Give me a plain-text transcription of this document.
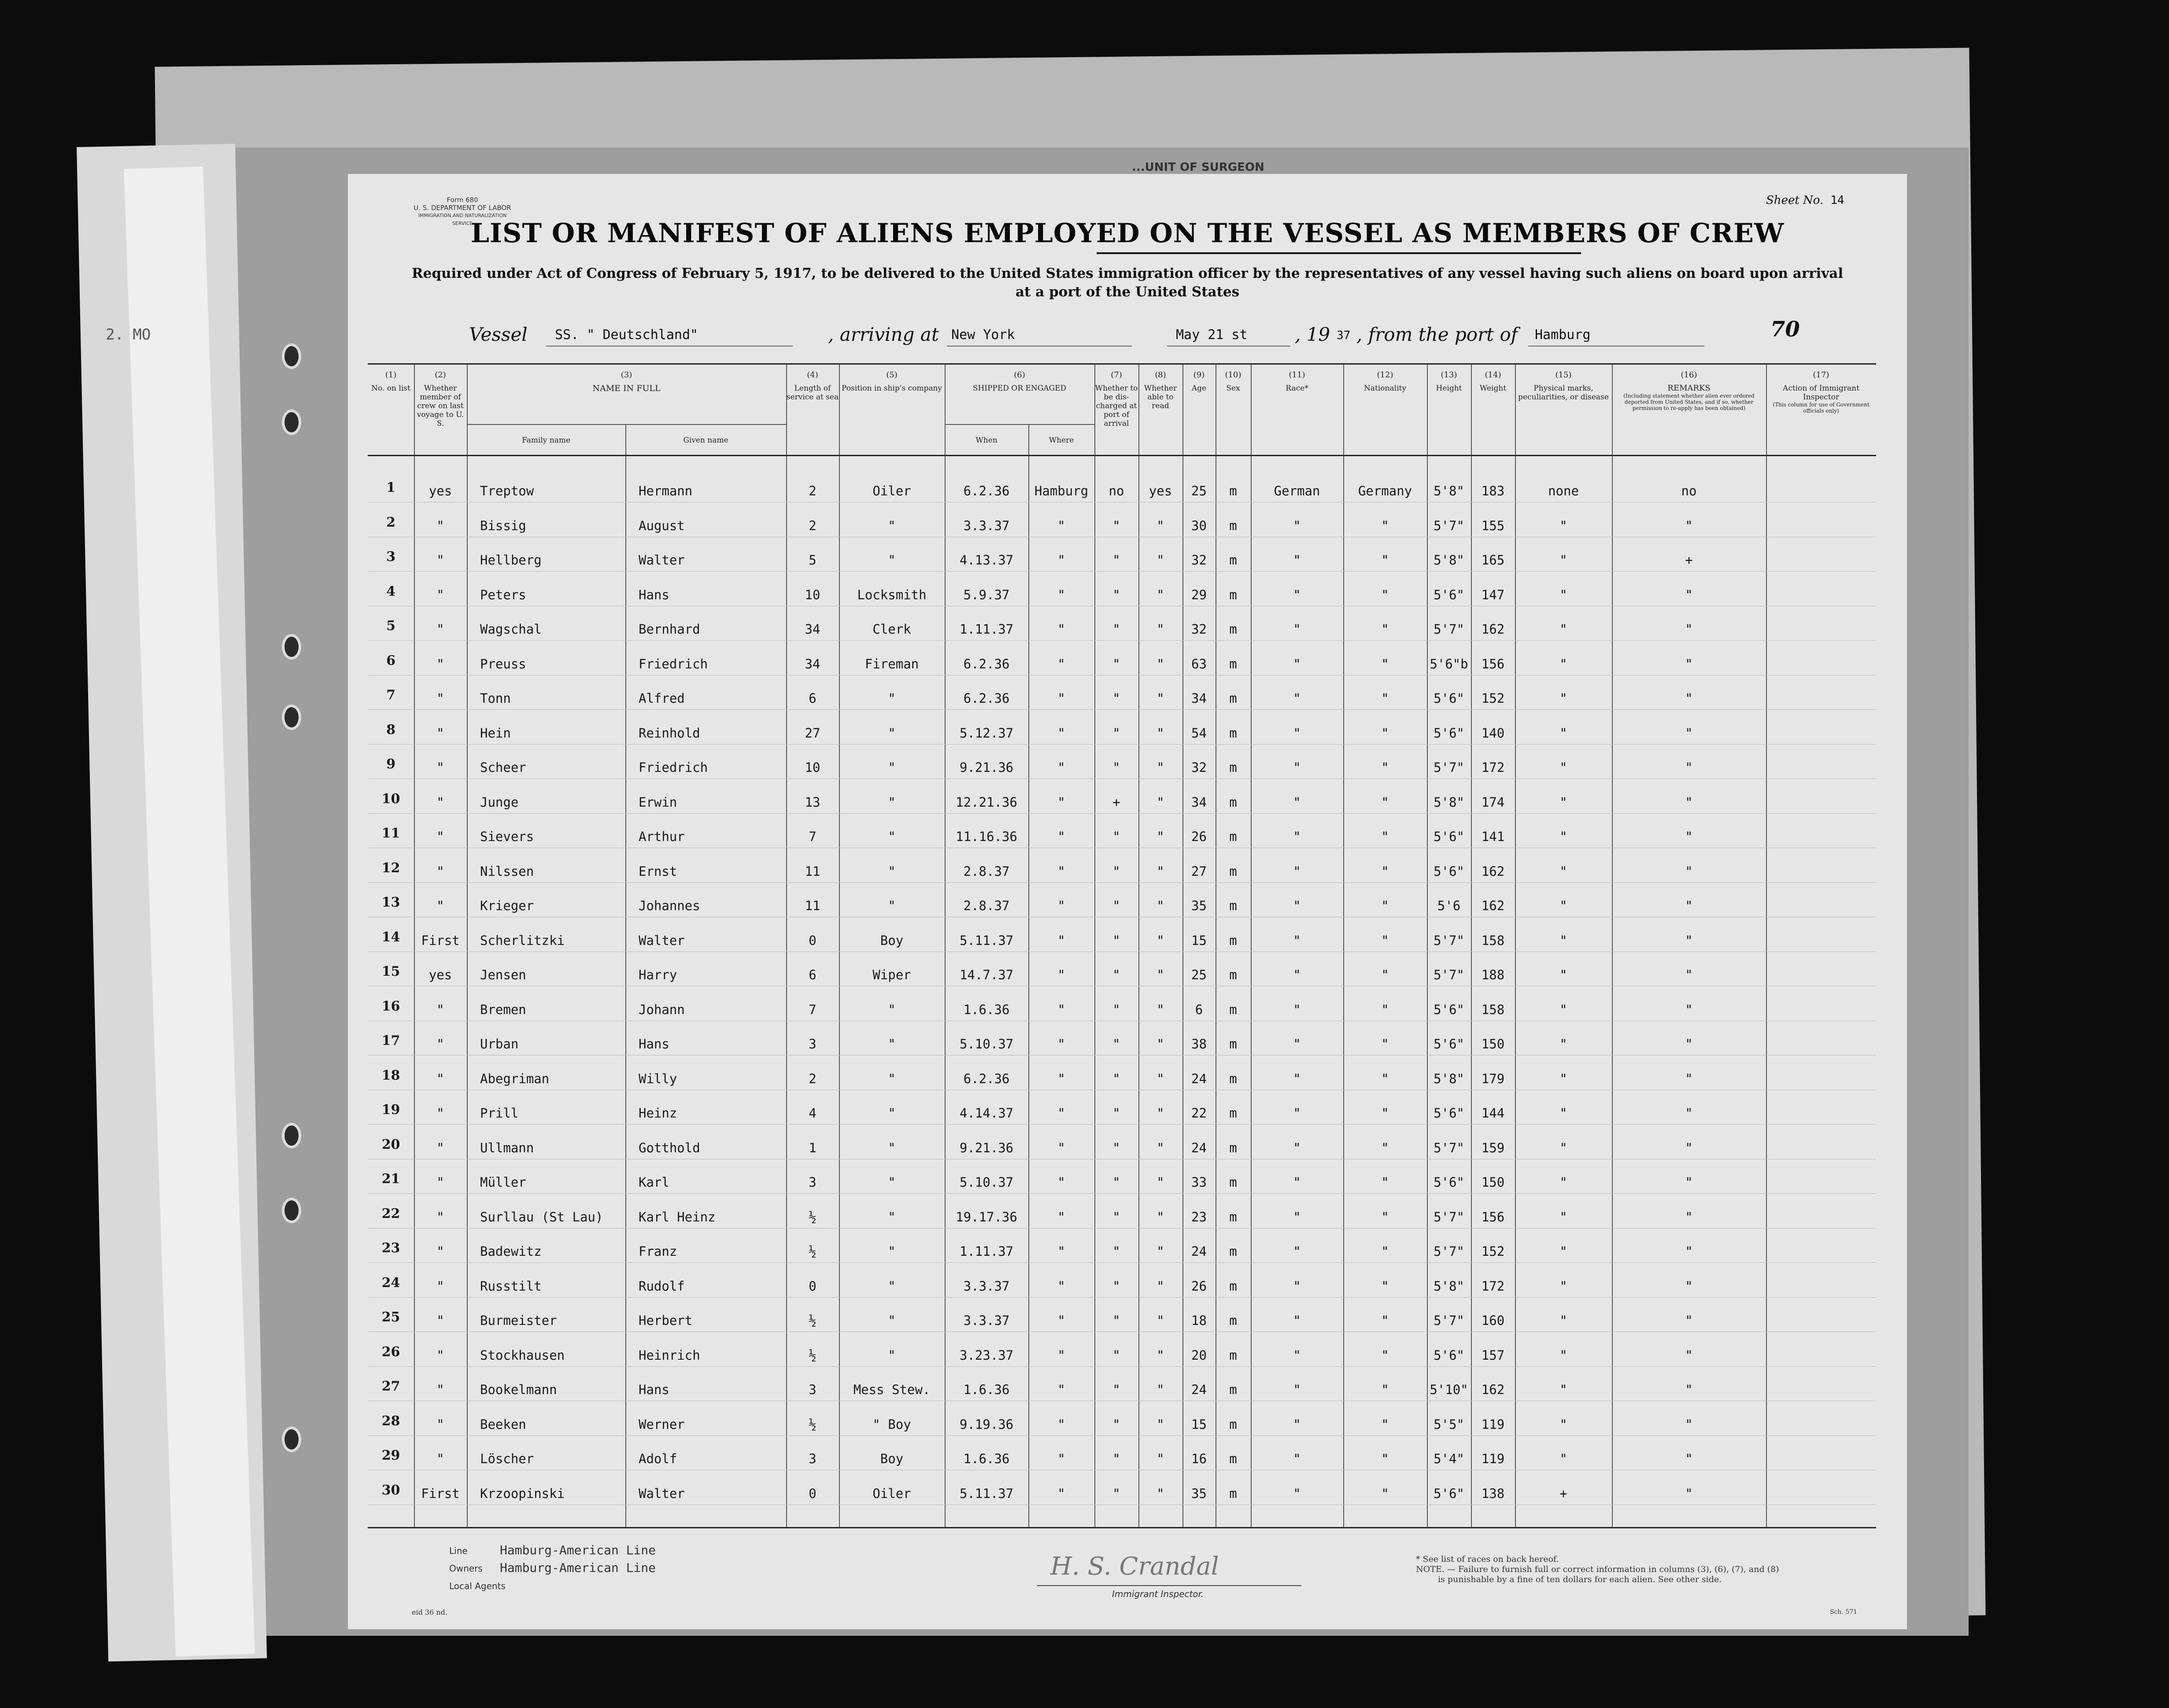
2. MO
...UNIT OF SURGEON
Form 680
U. S. DEPARTMENT OF LABOR
IMMIGRATION AND NATURALIZATION SERVICE
Sheet No. 14
LIST OR MANIFEST OF ALIENS EMPLOYED ON THE VESSEL AS MEMBERS OF CREW
Required under Act of Congress of February 5, 1917, to be delivered to the United States immigration officer by the representatives of any vessel having such aliens on board upon arrival
at a port of the United States
Vessel SS. " Deutschland"	, arriving at New York	May 21 st	, 19 37 , from the port of Hamburg	70
(1)
No. on list
(2)
Whether member of crew on last voyage to U. S.
(3)
NAME IN FULL
Family name	Given name
(4)
Length of service at sea
(5)
Position in ship's company
(6)
SHIPPED OR ENGAGED
When	Where
(7)
Whether to be dis- charged at port of arrival
(8)
Whether able to read
(9)
Age
(10)
Sex
(11)
Race*
(12)
Nationality
(13)
Height
(14)
Weight
(15)
Physical marks, peculiarities, or disease
(16)
REMARKS
(Including statement whether alien ever ordered deported from United States, and if so, whether permission to re-apply has been obtained)
(17)
Action of Immigrant Inspector
(This column for use of Government officials only)
1	yes	Treptow	Hermann	2	Oiler	6.2.36	Hamburg	no	yes	25	m	German	Germany	5'8"	183	none	no
2	"	Bissig	August	2	"	3.3.37	"	"	"	30	m	"	"	5'7"	155	"	"
3	"	Hellberg	Walter	5	"	4.13.37	"	"	"	32	m	"	"	5'8"	165	"	+
4	"	Peters	Hans	10	Locksmith	5.9.37	"	"	"	29	m	"	"	5'6"	147	"	"
5	"	Wagschal	Bernhard	34	Clerk	1.11.37	"	"	"	32	m	"	"	5'7"	162	"	"
6	"	Preuss	Friedrich	34	Fireman	6.2.36	"	"	"	63	m	"	"	5'6"b	156	"	"
7	"	Tonn	Alfred	6	"	6.2.36	"	"	"	34	m	"	"	5'6"	152	"	"
8	"	Hein	Reinhold	27	"	5.12.37	"	"	"	54	m	"	"	5'6"	140	"	"
9	"	Scheer	Friedrich	10	"	9.21.36	"	"	"	32	m	"	"	5'7"	172	"	"
10	"	Junge	Erwin	13	"	12.21.36	"	+	"	34	m	"	"	5'8"	174	"	"
11	"	Sievers	Arthur	7	"	11.16.36	"	"	"	26	m	"	"	5'6"	141	"	"
12	"	Nilssen	Ernst	11	"	2.8.37	"	"	"	27	m	"	"	5'6"	162	"	"
13	"	Krieger	Johannes	11	"	2.8.37	"	"	"	35	m	"	"	5'6	162	"	"
14	First	Scherlitzki	Walter	0	Boy	5.11.37	"	"	"	15	m	"	"	5'7"	158	"	"
15	yes	Jensen	Harry	6	Wiper	14.7.37	"	"	"	25	m	"	"	5'7"	188	"	"
16	"	Bremen	Johann	7	"	1.6.36	"	"	"	6	m	"	"	5'6"	158	"	"
17	"	Urban	Hans	3	"	5.10.37	"	"	"	38	m	"	"	5'6"	150	"	"
18	"	Abegriman	Willy	2	"	6.2.36	"	"	"	24	m	"	"	5'8"	179	"	"
19	"	Prill	Heinz	4	"	4.14.37	"	"	"	22	m	"	"	5'6"	144	"	"
20	"	Ullmann	Gotthold	1	"	9.21.36	"	"	"	24	m	"	"	5'7"	159	"	"
21	"	Müller	Karl	3	"	5.10.37	"	"	"	33	m	"	"	5'6"	150	"	"
22	"	Surllau (St Lau)	Karl Heinz	½	"	19.17.36	"	"	"	23	m	"	"	5'7"	156	"	"
23	"	Badewitz	Franz	½	"	1.11.37	"	"	"	24	m	"	"	5'7"	152	"	"
24	"	Russtilt	Rudolf	0	"	3.3.37	"	"	"	26	m	"	"	5'8"	172	"	"
25	"	Burmeister	Herbert	½	"	3.3.37	"	"	"	18	m	"	"	5'7"	160	"	"
26	"	Stockhausen	Heinrich	½	"	3.23.37	"	"	"	20	m	"	"	5'6"	157	"	"
27	"	Bookelmann	Hans	3	Mess Stew.	1.6.36	"	"	"	24	m	"	"	5'10"	162	"	"
28	"	Beeken	Werner	½	" Boy	9.19.36	"	"	"	15	m	"	"	5'5"	119	"	"
29	"	Löscher	Adolf	3	Boy	1.6.36	"	"	"	16	m	"	"	5'4"	119	"	"
30	First	Krzoopinski	Walter	0	Oiler	5.11.37	"	"	"	35	m	"	"	5'6"	138	+	"
Line	Hamburg-American Line
Owners Hamburg-American Line
Local Agents
H. S. Crandal
Immigrant Inspector.
* See list of races on back hereof.
NOTE. — Failure to furnish full or correct information in columns (3), (6), (7), and (8)
is punishable by a fine of ten dollars for each alien. See other side.
eid 36 nd.	Sch. 571
